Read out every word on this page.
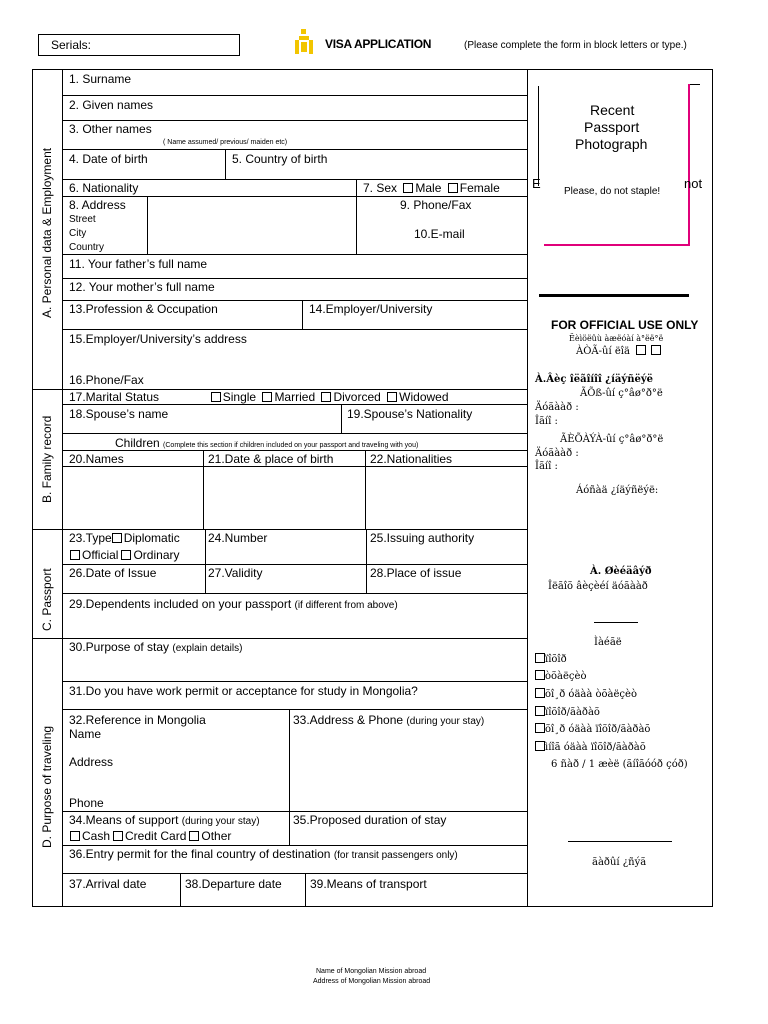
Serials:	VISA APPLICATION	(Please complete the form in block letters or type.)
A. Personal data & Employment
B. Family record
C. Passport
D. Purpose of traveling
1. Surname
2. Given names
3. Other names
( Name assumed/ previous/ maiden etc)
4. Date of birth	5. Country of birth
6. Nationality	7. Sex Male Female
8. Address
Street
City
Country
9. Phone/Fax
10.E-mail
11. Your father’s full name
12. Your mother’s full name
13.Profession & Occupation	14.Employer/University
15.Employer/University’s address
16.Phone/Fax
17.Marital Status	Single Married Divorced Widowed
18.Spouse’s name	19.Spouse’s Nationality
Children (Complete this section if children included on your passport and traveling with you)
20.Names	21.Date & place of birth	22.Nationalities
23.Type Diplomatic
Official Ordinary
24.Number	25.Issuing authority
26.Date of Issue	27.Validity	28.Place of issue
29.Dependents included on your passport (if different from above)
30.Purpose of stay (explain details)
31.Do you have work permit or acceptance for study in Mongolia?
32.Reference in Mongolia
Name
Address
Phone
33.Address & Phone (during your stay)
34.Means of support (during your stay)
Cash Credit Card Other
35.Proposed duration of stay
36.Entry permit for the final country of destination (for transit passengers only)
37.Arrival date	38.Departure date 39.Means of transport
Recent
Passport
Photograph
E	not
Please, do not staple!
FOR OFFICIAL USE ONLY
Ëèìöëûù àæëóàí à°ëë°ë
ÀÒÃ-ûí ëîä
À.Âèç îëãîíîî ¿íäýñëýë
ÃÕß-ûí ç°âø°ð°ë
Äóãààð :
Îãíî :
ÃÈÕÀÝÀ-ûí ç°âø°ð°ë
Äóãààð :
Îãíî :
Áóñàä ¿íäýñëýë:
À. Øèéäâýð
Îëãîõ âèçèéí äóãààð
Ìàéãë
ïîõîð
òõàëçèò
õî¸ð óäàà òõàëçèò
ïîõîð/ãàðàõ
õî¸ð óäàà ïîõîð/ãàðàõ
ìíîã óäàà ïîõîð/ãàðàõ
6 ñàð / 1 æèë (ãíîãóóð çóð)
ãàðûí ¿ñýã
Name of Mongolian Mission abroad
Address of Mongolian Mission abroad
